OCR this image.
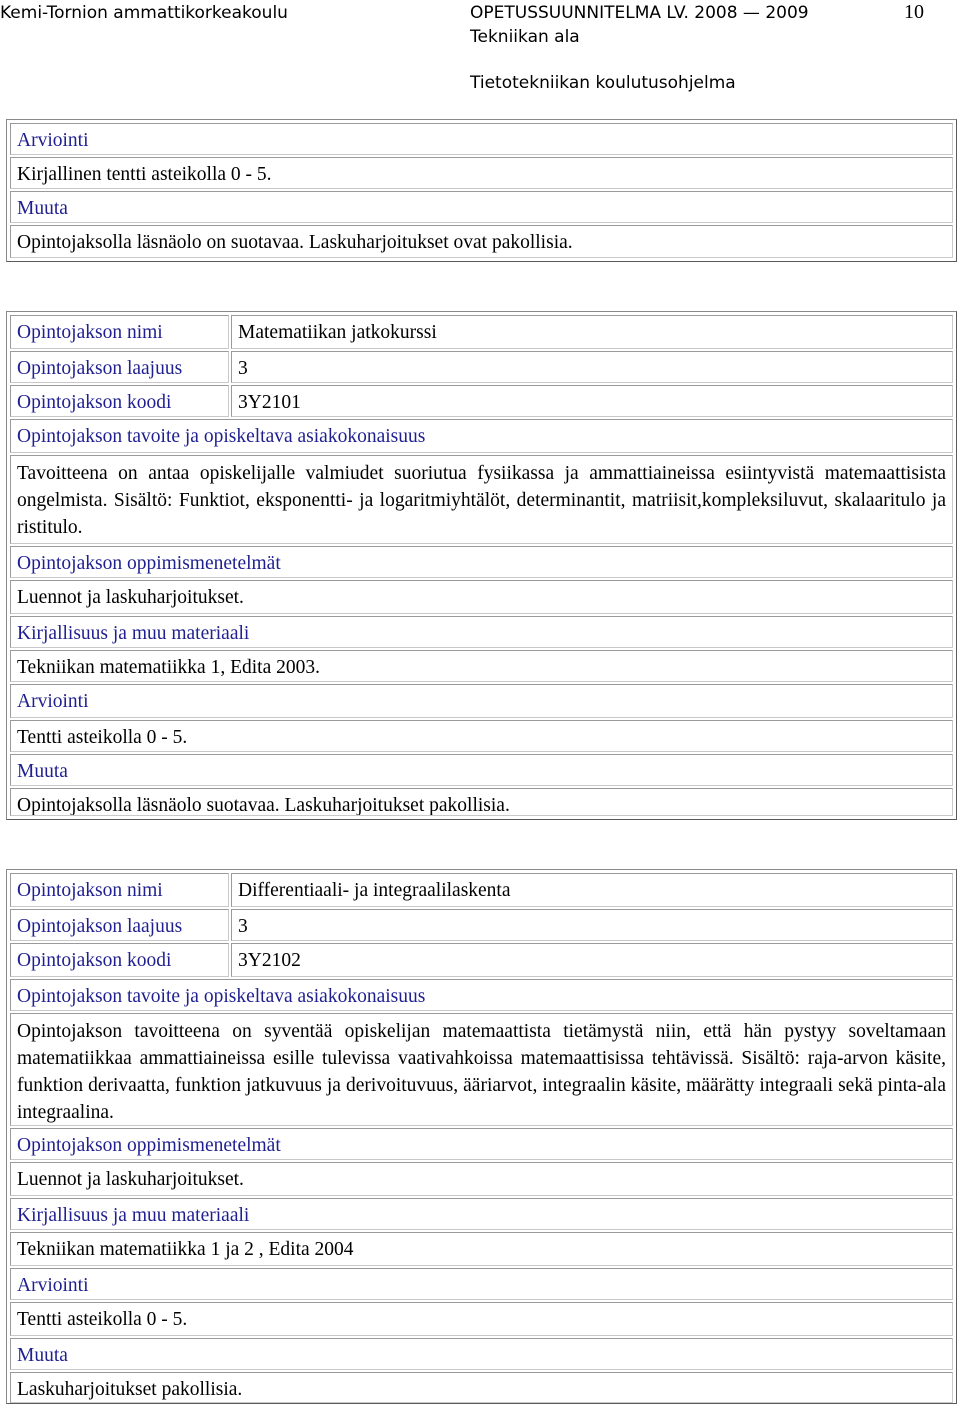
Kemi-Tornion ammattikorkeakoulu	OPETUSSUUNNITELMA LV. 2008 — 2009	10
Tekniikan ala
Tietotekniikan koulutusohjelma
Arviointi
Kirjallinen tentti asteikolla 0 - 5.
Muuta
Opintojaksolla läsnäolo on suotavaa. Laskuharjoitukset ovat pakollisia.
Opintojakson nimi	Matematiikan jatkokurssi
Opintojakson laajuus	3
Opintojakson koodi	3Y2101
Opintojakson tavoite ja opiskeltava asiakokonaisuus
Tavoitteena on antaa opiskelijalle valmiudet suoriutua fysiikassa ja ammattiaineissa esiintyvistä matemaattisista ongelmista. Sisältö: Funktiot, eksponentti- ja logaritmiyhtälöt, determinantit, matriisit,kompleksiluvut, skalaaritulo ja ristitulo.
Opintojakson oppimismenetelmät
Luennot ja laskuharjoitukset.
Kirjallisuus ja muu materiaali
Tekniikan matematiikka 1, Edita 2003.
Arviointi
Tentti asteikolla 0 - 5.
Muuta
Opintojaksolla läsnäolo suotavaa. Laskuharjoitukset pakollisia.
Opintojakson nimi	Differentiaali- ja integraalilaskenta
Opintojakson laajuus	3
Opintojakson koodi	3Y2102
Opintojakson tavoite ja opiskeltava asiakokonaisuus
Opintojakson tavoitteena on syventää opiskelijan matemaattista tietämystä niin, että hän pystyy soveltamaan matematiikkaa ammattiaineissa esille tulevissa vaativahkoissa matemaattisissa tehtävissä. Sisältö: raja-arvon käsite, funktion derivaatta, funktion jatkuvuus ja derivoituvuus, ääriarvot, integraalin käsite, määrätty integraali sekä pinta-ala integraalina.
Opintojakson oppimismenetelmät
Luennot ja laskuharjoitukset.
Kirjallisuus ja muu materiaali
Tekniikan matematiikka 1 ja 2 , Edita 2004
Arviointi
Tentti asteikolla 0 - 5.
Muuta
Laskuharjoitukset pakollisia.
